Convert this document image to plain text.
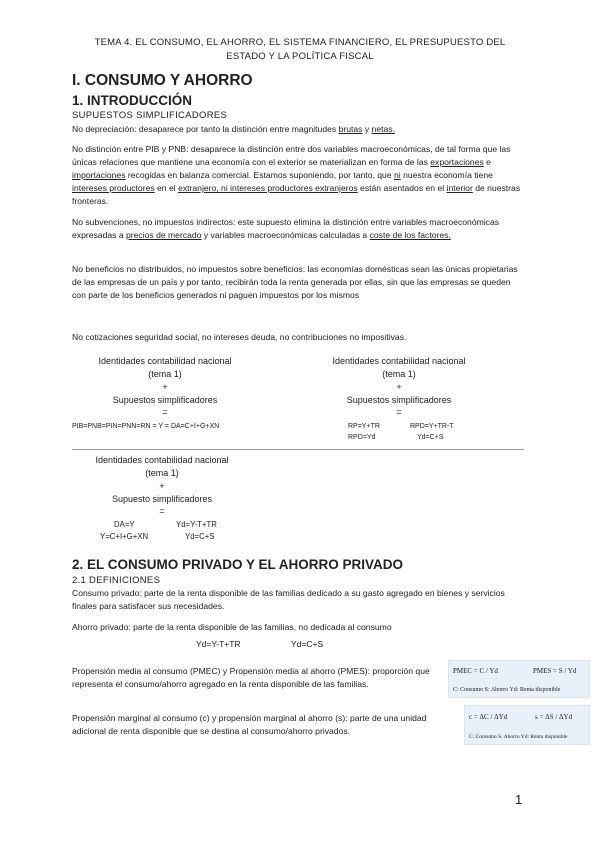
TEMA 4. EL CONSUMO, EL AHORRO, EL SISTEMA FINANCIERO, EL PRESUPUESTO DEL
ESTADO Y LA POLÍTICA FISCAL
I. CONSUMO Y AHORRO
1. INTRODUCCIÓN
SUPUESTOS SIMPLIFICADORES
No depreciación: desaparece por tanto la distinción entre magnitudes brutas y netas.
No distinción entre PIB y PNB: desaparece la distinción entre dos variables macroeconómicas, de tal forma que las únicas relaciones que mantiene una economía con el exterior se materializan en forma de las exportaciones e importaciones recogidas en balanza comercial. Estamos suponiendo, por tanto, que ni nuestra economía tiene intereses productores en el extranjero, ni intereses productores extranjeros están asentados en el interior de nuestras fronteras.
No subvenciones, no impuestos indirectos: este supuesto elimina la distinción entre variables macroeconómicas expresadas a precios de mercado y variables macroeconómicas calculadas a coste de los factores.
No beneficios no distribuidos, no impuestos sobre beneficios: las economías domésticas sean las únicas propietarias de las empresas de un país y por tanto, recibirán toda la renta generada por ellas, sin que las empresas se queden con parte de los beneficios generados ni paguen impuestos por los mismos
No cotizaciones seguridad social, no intereses deuda, no contribuciones no impositivas.
Identidades contabilidad nacional
(tema 1)
+
Supuestos simplificadores
=
PIB=PNB=PIN=PNN=RN = Y = DA=C+I+G+XN
Identidades contabilidad nacional
(tema 1)
+
Supuestos simplificadores
=
RP=Y+TR	RPD=Y+TR-T
RPD=Yd	Yd=C+S
Identidades contabilidad nacional
(tema 1)
+
Supuesto simplificadores
=
DA=Y	Yd=Y-T+TR
Y=C+I+G+XN	Yd=C+S
2. EL CONSUMO PRIVADO Y EL AHORRO PRIVADO
2.1 DEFINICIONES
Consumo privado: parte de la renta disponible de las familias dedicado a su gasto agregado en bienes y servicios finales para satisfacer sus necesidades.
Ahorro privado: parte de la renta disponible de las familias, no dedicada al consumo
Yd=Y-T+TR	Yd=C+S
Propensión media al consumo (PMEC) y Propensión media al ahorro (PMES): proporción que representa el consumo/ahorro agregado en la renta disponible de las familias.
Propensión marginal al consumo (c) y propensión marginal al ahorro (s): parte de una unidad adicional de renta disponible que se destina al consumo/ahorro privados.
PMEC = C / Yd	PMES = S / Yd
C: Consumo S: Ahorro Yd: Renta disponible
c = ΔC / ΔYd	s = ΔS / ΔYd
C: Consumo S: Ahorro Yd: Renta disponible
1
